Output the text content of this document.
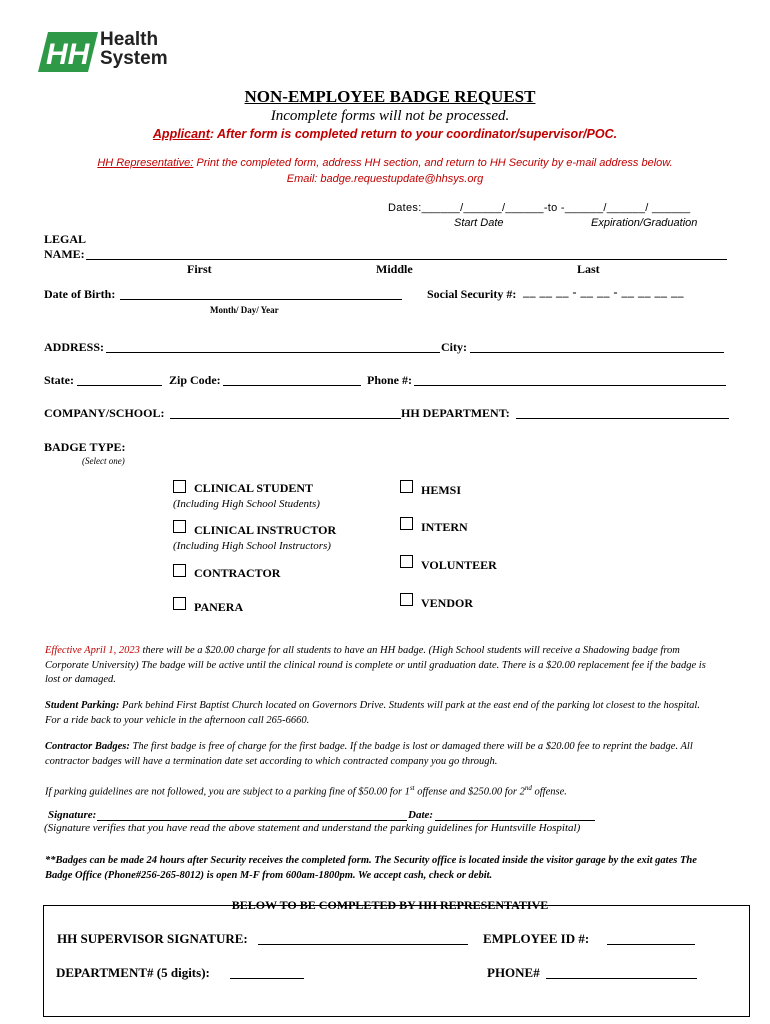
HH Health
System
NON-EMPLOYEE BADGE REQUEST
Incomplete forms will not be processed.
Applicant: After form is completed return to your coordinator/supervisor/POC.
HH Representative: Print the completed form, address HH section, and return to HH Security by e-mail address below.
Email: badge.requestupdate@hhsys.org
Dates:______/______/______-to -______/______/ ______
Start Date	Expiration/Graduation
LEGAL
NAME:
First	Middle	Last
Date of Birth:
Month/ Day/ Year
Social Security #: __ __ __ - __ __ - __ __ __ __
ADDRESS:	City:
State:	Zip Code:	Phone #:
COMPANY/SCHOOL:	HH DEPARTMENT:
BADGE TYPE:
(Select one)
CLINICAL STUDENT
(Including High School Students)
CLINICAL INSTRUCTOR
(Including High School Instructors)
CONTRACTOR
PANERA
HEMSI
INTERN
VOLUNTEER
VENDOR
Effective April 1, 2023 there will be a $20.00 charge for all students to have an HH badge. (High School students will receive a Shadowing badge from Corporate University) The badge will be active until the clinical round is complete or until graduation date. There is a $20.00 replacement fee if the badge is lost or damaged.
Student Parking: Park behind First Baptist Church located on Governors Drive. Students will park at the east end of the parking lot closest to the hospital. For a ride back to your vehicle in the afternoon call 265-6660.
Contractor Badges: The first badge is free of charge for the first badge. If the badge is lost or damaged there will be a $20.00 fee to reprint the badge. All contractor badges will have a termination date set according to which contracted company you go through.
If parking guidelines are not followed, you are subject to a parking fine of $50.00 for 1st offense and $250.00 for 2nd offense.
Signature:	Date:
(Signature verifies that you have read the above statement and understand the parking guidelines for Huntsville Hospital)
**Badges can be made 24 hours after Security receives the completed form. The Security office is located inside the visitor garage by the exit gates The Badge Office (Phone#256-265-8012) is open M-F from 600am-1800pm. We accept cash, check or debit.
BELOW TO BE COMPLETED BY HH REPRESENTATIVE
HH SUPERVISOR SIGNATURE:	EMPLOYEE ID #:
DEPARTMENT# (5 digits):	PHONE#
